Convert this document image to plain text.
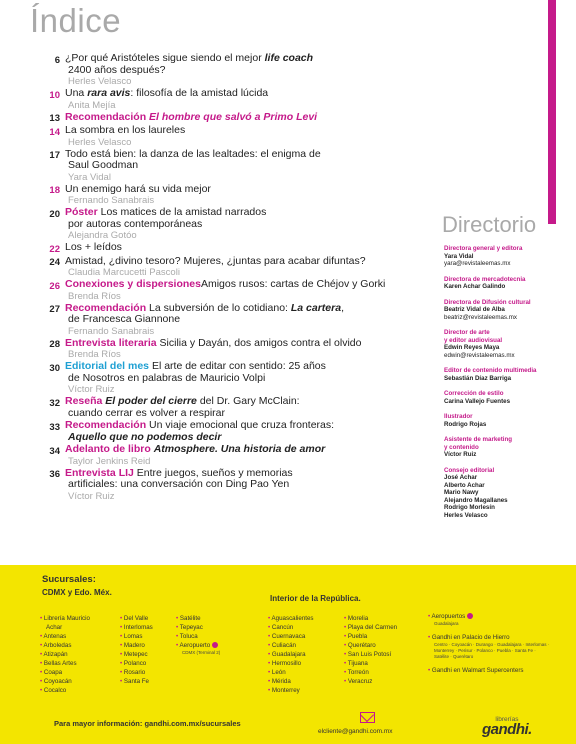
Índice
6 ¿Por qué Aristóteles sigue siendo el mejor life coach
2400 años después?
Herles Velasco
10 Una rara avis: filosofía de la amistad lúcida
Anita Mejía
13 Recomendación El hombre que salvó a Primo Levi
14 La sombra en los laureles
Herles Velasco
17 Todo está bien: la danza de las lealtades: el enigma de
Saul Goodman
Yara Vidal
18 Un enemigo hará su vida mejor
Fernando Sanabrais
20 Póster Los matices de la amistad narrados
por autoras contemporáneas
Alejandra Gotóo
22 Los + leídos
24 Amistad, ¿divino tesoro? Mujeres, ¿juntas para acabar difuntas?
Claudia Marcucetti Pascoli
26 Conexiones y dispersionesAmigos rusos: cartas de Chéjov y Gorki
Brenda Ríos
27 Recomendación La subversión de lo cotidiano: La cartera,
de Francesca Giannone
Fernando Sanabrais
28 Entrevista literaria Sicilia y Dayán, dos amigos contra el olvido
Brenda Ríos
30 Editorial del mes El arte de editar con sentido: 25 años
de Nosotros en palabras de Mauricio Volpi
Víctor Ruiz
32 Reseña El poder del cierre del Dr. Gary McClain:
cuando cerrar es volver a respirar
33 Recomendación Un viaje emocional que cruza fronteras:
Aquello que no podemos decir
34 Adelanto de libro Atmosphere. Una historia de amor
Taylor Jenkins Reid
36 Entrevista LIJ Entre juegos, sueños y memorias
artificiales: una conversación con Ding Pao Yen
Víctor Ruiz
Directorio
Directora general y editora
Yara Vidal
yara@revistaleemas.mx
Directora de mercadotecnia
Karen Achar Galindo
Directora de Difusión cultural
Beatriz Vidal de Alba
beatriz@revistaleemas.mx
Director de arte
y editor audiovisual
Edwin Reyes Maya
edwin@revistaleemas.mx
Editor de contenido multimedia
Sebastián Díaz Barriga
Corrección de estilo
Carina Vallejo Fuentes
Ilustrador
Rodrigo Rojas
Asistente de marketing
y contenido
Víctor Ruiz
Consejo editorial
José Achar
Alberto Achar
Mario Nawy
Alejandro Magallanes
Rodrigo Morlesín
Herles Velasco
Sucursales:
CDMX y Edo. Méx.
Interior de la República.
• Librería Mauricio
Achar
• Antenas
• Arboledas
• Atizapán
• Bellas Artes
• Coapa
• Coyoacán
• Cocalco
• Del Valle
• Interlomas
• Lomas
• Madero
• Metepec
• Polanco
• Rosario
• Santa Fe
• Satélite
• Tepeyac
• Toluca
• Aeropuerto
CDMX (Terminal 2)
• Aguascalientes
• Cancún
• Cuernavaca
• Culiacán
• Guadalajara
• Hermosillo
• León
• Mérida
• Monterrey
• Morelia
• Playa del Carmen
• Puebla
• Querétaro
• San Luis Potosí
• Tijuana
• Torreón
• Veracruz
• Aeropuertos
Guadalajara
• Gandhi en Palacio de Hierro
Centro · Coyoacán · Durango · Guadalajara · Interlomas · Monterrey · Perisur · Polanco · Puebla · Santa Fe · Satélite · Querétaro
• Gandhi en Walmart Supercenters
Para mayor información: gandhi.com.mx/sucursales
elcliente@gandhi.com.mx
librerías
gandhi.
